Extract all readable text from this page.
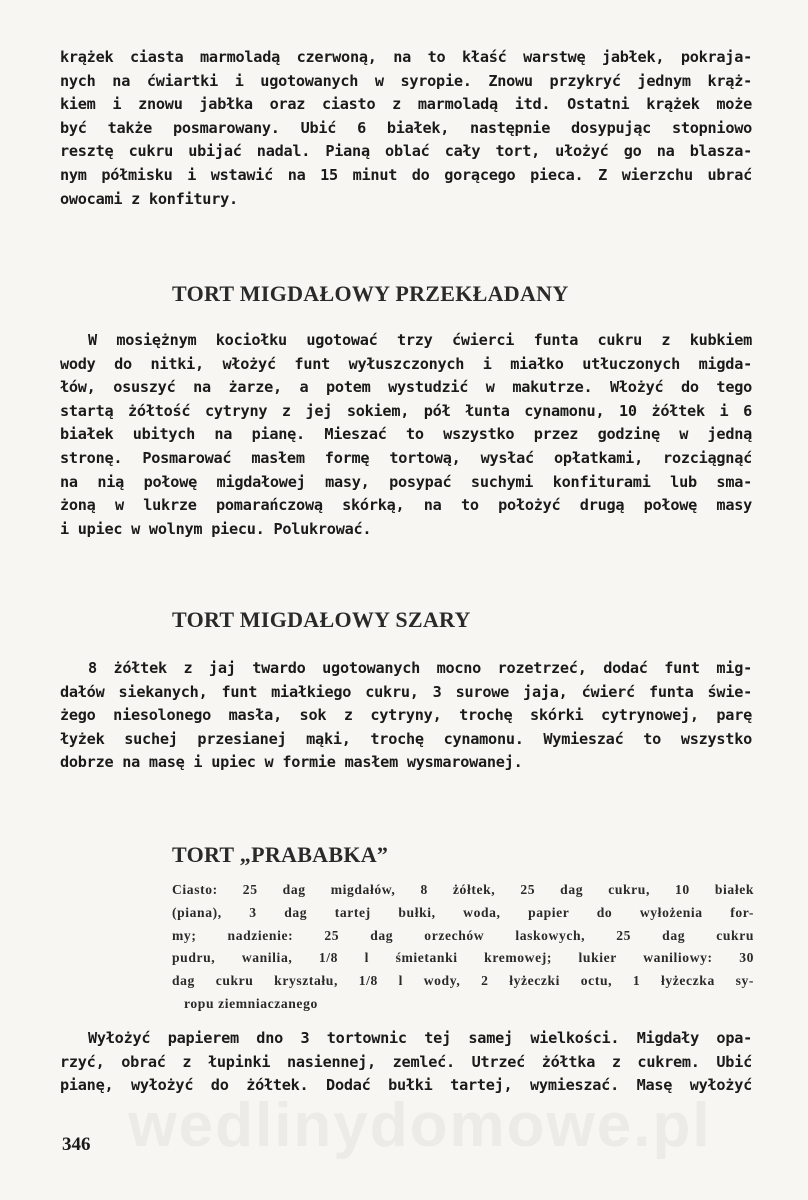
krążek ciasta marmoladą czerwoną, na to kłaść warstwę jabłek, pokraja-
nych na ćwiartki i ugotowanych w syropie. Znowu przykryć jednym krąż-
kiem i znowu jabłka oraz ciasto z marmoladą itd. Ostatni krążek może
być także posmarowany. Ubić 6 białek, następnie dosypując stopniowo
resztę cukru ubijać nadal. Pianą oblać cały tort, ułożyć go na blasza-
nym półmisku i wstawić na 15 minut do gorącego pieca. Z wierzchu ubrać
owocami z konfitury.

TORT MIGDAŁOWY PRZEKŁADANY

W mosiężnym kociołku ugotować trzy ćwierci funta cukru z kubkiem
wody do nitki, włożyć funt wyłuszczonych i miałko utłuczonych migda-
łów, osuszyć na żarze, a potem wystudzić w makutrze. Włożyć do tego
startą żółtość cytryny z jej sokiem, pół łunta cynamonu, 10 żółtek i 6
białek ubitych na pianę. Mieszać to wszystko przez godzinę w jedną
stronę. Posmarować masłem formę tortową, wysłać opłatkami, rozciągnąć
na nią połowę migdałowej masy, posypać suchymi konfiturami lub sma-
żoną w lukrze pomarańczową skórką, na to położyć drugą połowę masy
i upiec w wolnym piecu. Polukrować.

TORT MIGDAŁOWY SZARY

8 żółtek z jaj twardo ugotowanych mocno rozetrzeć, dodać funt mig-
dałów siekanych, funt miałkiego cukru, 3 surowe jaja, ćwierć funta świe-
żego niesolonego masła, sok z cytryny, trochę skórki cytrynowej, parę
łyżek suchej przesianej mąki, trochę cynamonu. Wymieszać to wszystko
dobrze na masę i upiec w formie masłem wysmarowanej.

TORT „PRABABKA”

Ciasto: 25 dag migdałów, 8 żółtek, 25 dag cukru, 10 białek
(piana), 3 dag tartej bułki, woda, papier do wyłożenia for-
my; nadzienie: 25 dag orzechów laskowych, 25 dag cukru
pudru, wanilia, 1/8 l śmietanki kremowej; lukier waniliowy: 30
dag cukru kryształu, 1/8 l wody, 2 łyżeczki octu, 1 łyżeczka sy-
ropu ziemniaczanego

Wyłożyć papierem dno 3 tortownic tej samej wielkości. Migdały opa-
rzyć, obrać z łupinki nasiennej, zemleć. Utrzeć żółtka z cukrem. Ubić
pianę, wyłożyć do żółtek. Dodać bułki tartej, wymieszać. Masę wyłożyć

wedlinydomowe.pl
346
